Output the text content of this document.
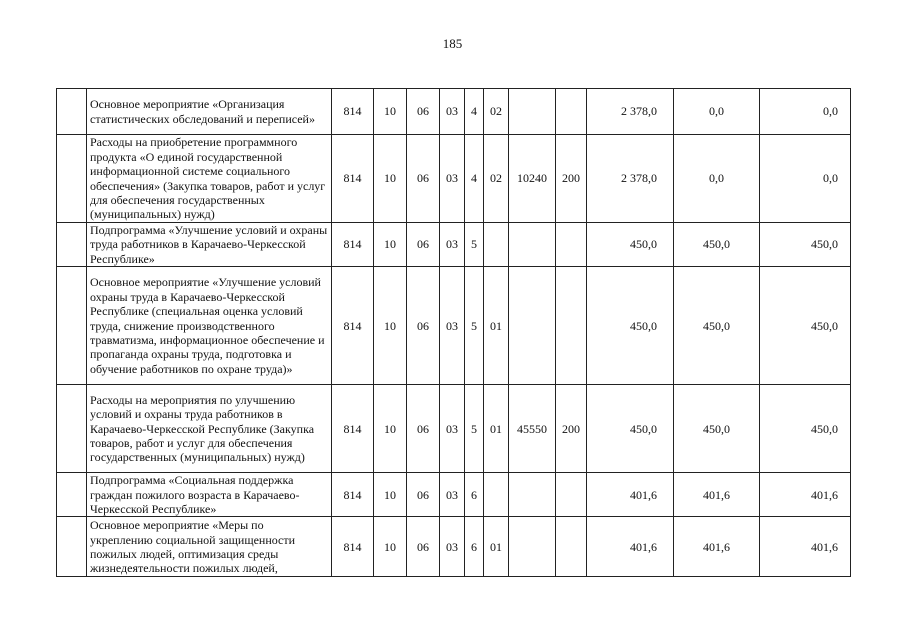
185
	Основное мероприятие «Организация статистических обследований и переписей»	814	10	06	03	4	02			2 378,0	0,0	0,0
	Расходы на приобретение программного продукта «О единой государственной информационной системе социального обеспечения» (Закупка товаров, работ и услуг для обеспечения государственных (муниципальных) нужд)	814	10	06	03	4	02	10240	200	2 378,0	0,0	0,0
	Подпрограмма «Улучшение условий и охраны труда работников в Карачаево-Черкесской Республике»	814	10	06	03	5				450,0	450,0	450,0
	Основное мероприятие «Улучшение условий охраны труда в Карачаево-Черкесской Республике (специальная оценка условий труда, снижение производственного травматизма, информационное обеспечение и пропаганда охраны труда, подготовка и обучение работников по охране труда)»	814	10	06	03	5	01			450,0	450,0	450,0
	Расходы на мероприятия по улучшению условий и охраны труда работников в Карачаево-Черкесской Республике (Закупка товаров, работ и услуг для обеспечения государственных (муниципальных) нужд)	814	10	06	03	5	01	45550	200	450,0	450,0	450,0
	Подпрограмма «Социальная поддержка граждан пожилого возраста в Карачаево-Черкесской Республике»	814	10	06	03	6				401,6	401,6	401,6
	Основное мероприятие «Меры по укреплению социальной защищенности пожилых людей, оптимизация среды жизнедеятельности пожилых людей,	814	10	06	03	6	01			401,6	401,6	401,6
